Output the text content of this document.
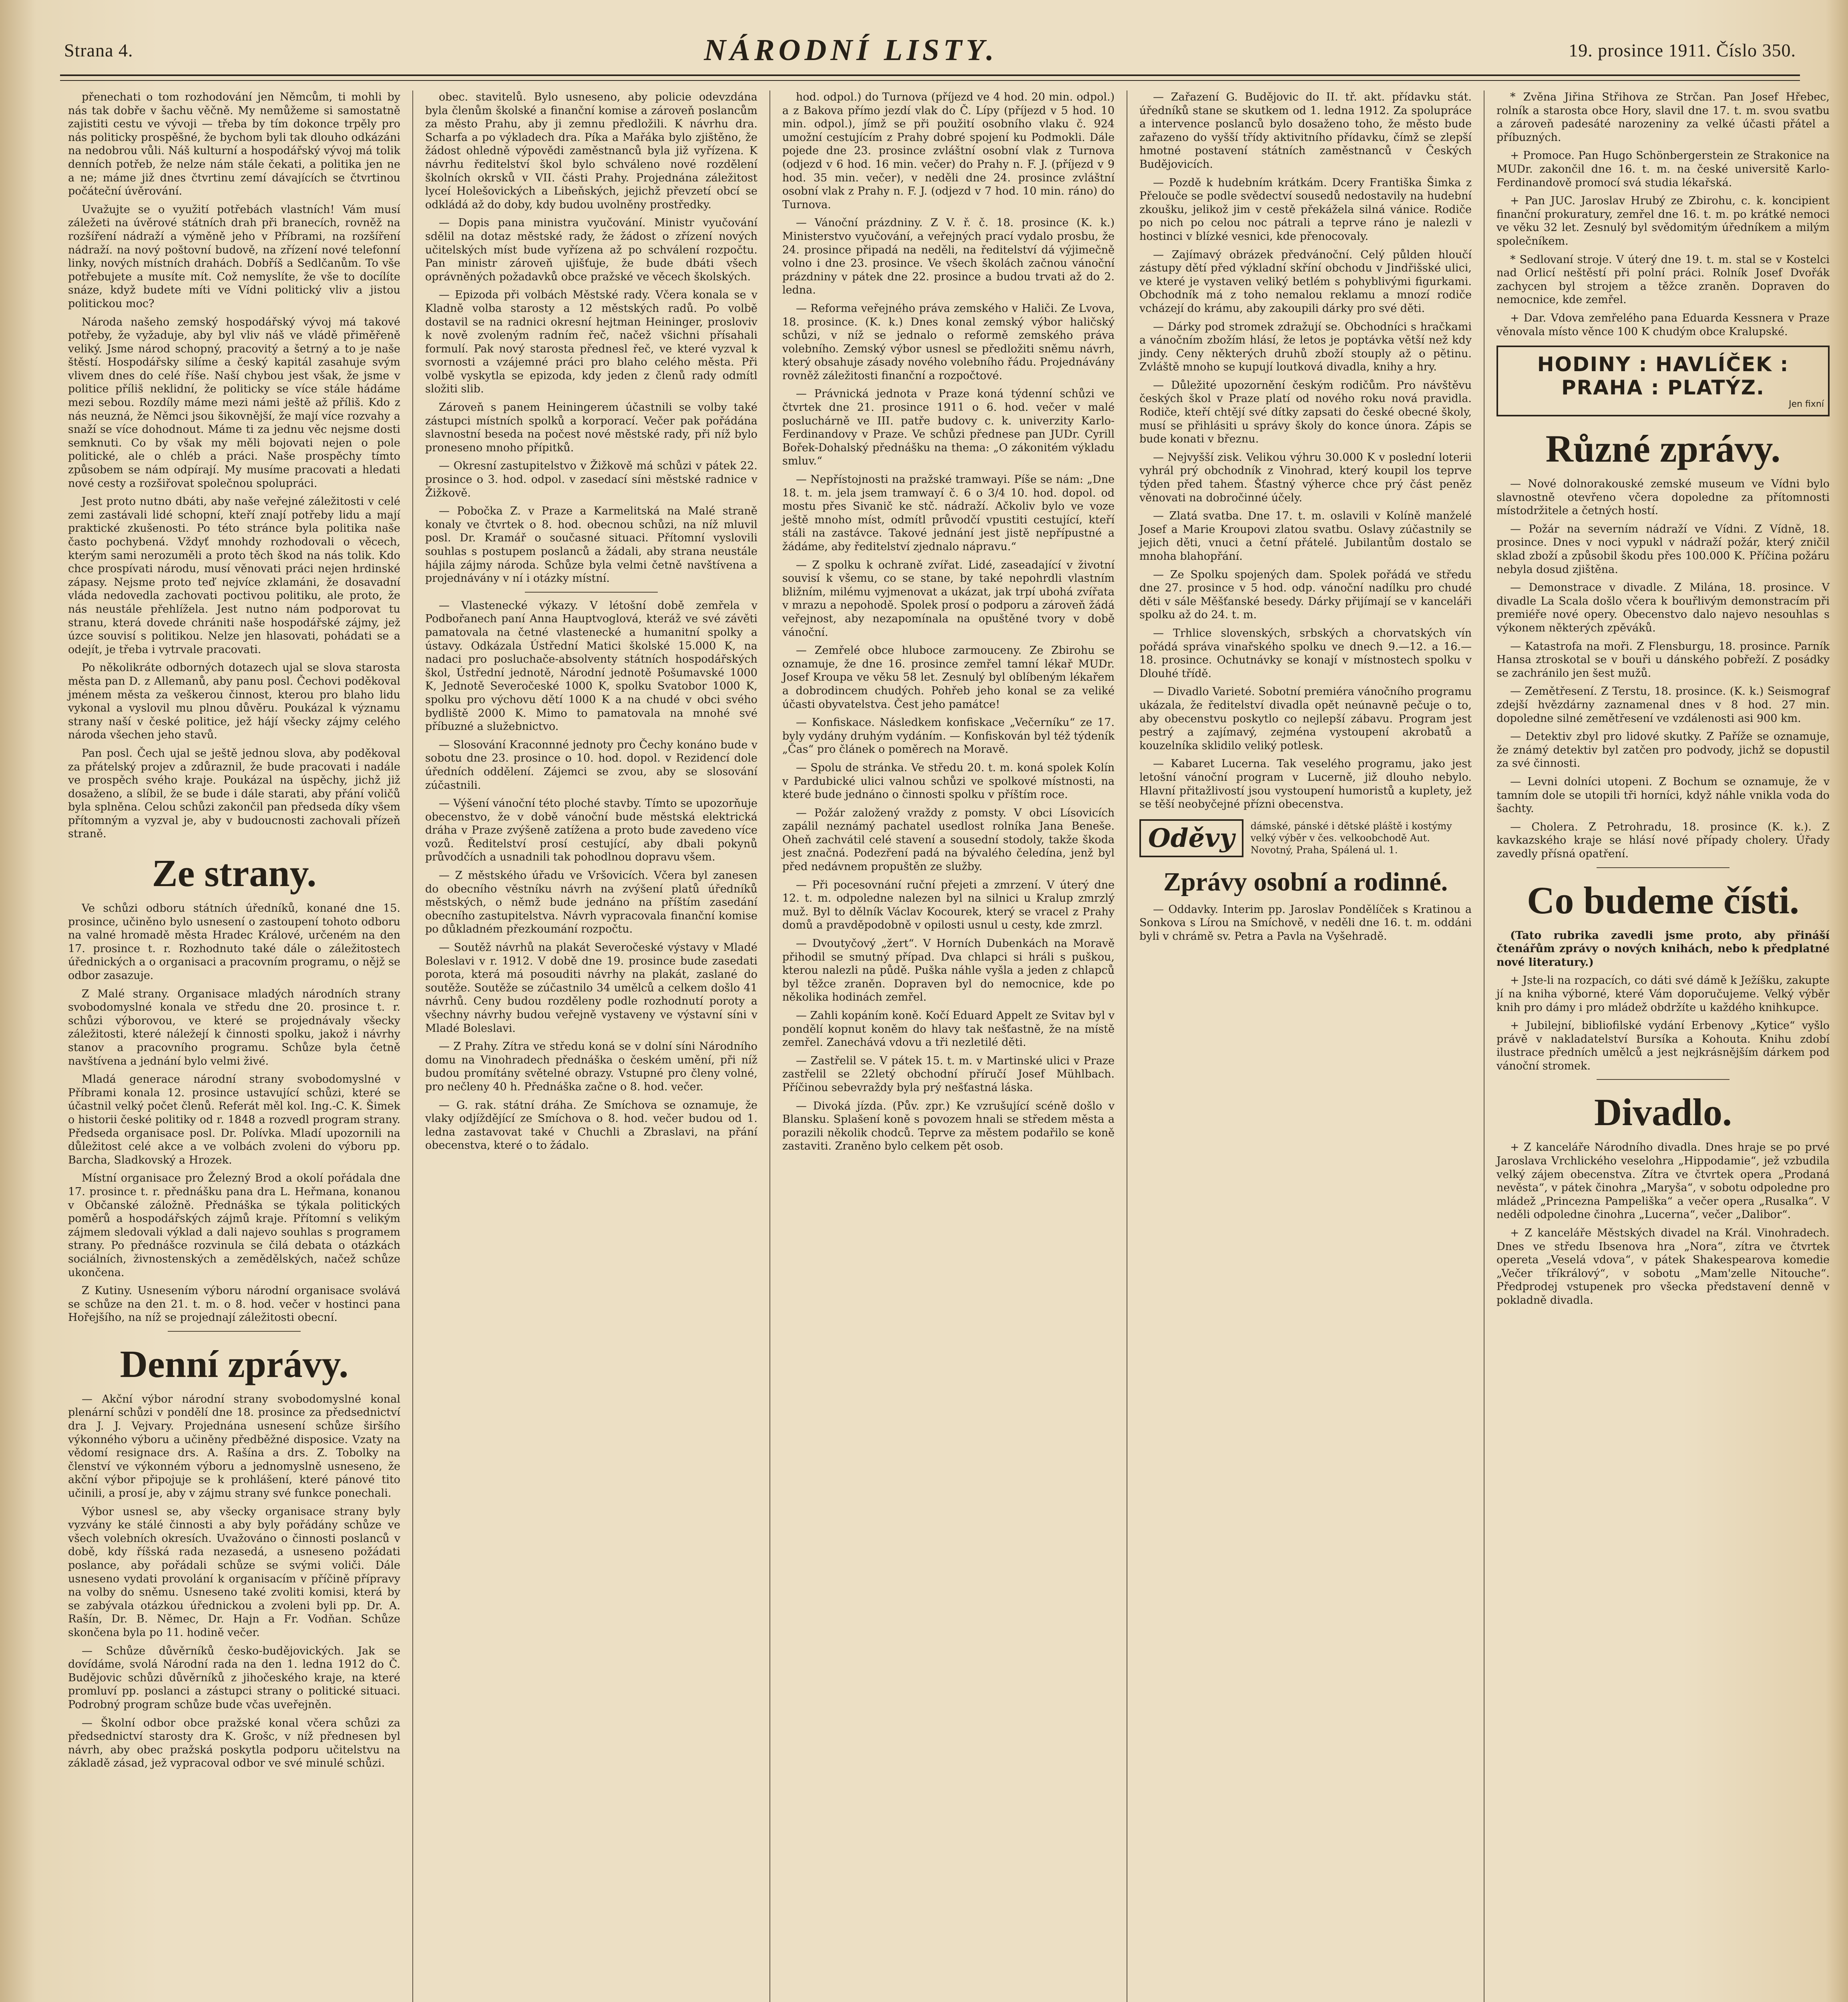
Strana 4.	NÁRODNÍ LISTY.	19. prosince 1911. Číslo 350.

přenechati o tom rozhodování jen Němcům, ti mohli by nás tak dobře v šachu věčně. My nemůžeme si samostatně zajistiti cestu ve vývoji — třeba by tím dokonce trpěly pro nás politicky prospěšné, že bychom byli tak dlouho odkázáni na nedobrou vůli. Náš kulturní a hospodářský vývoj má tolik denních potřeb, že nelze nám stále čekati, a politika jen ne a ne; máme již dnes čtvrtinu zemí dávajících se čtvrtinou počáteční úvěrování.

Uvažujte se o využití potřebách vlastních! Vám musí záležeti na úvěrové státních drah při branecích, rovněž na rozšíření nádraží a výměně jeho v Příbrami, na rozšíření nádraží. na nový poštovní budově, na zřízení nové telefonní linky, nových místních drahách. Dobříš a Sedlčanům. To vše potřebujete a musíte mít. Což nemyslíte, že vše to docílíte snáze, když budete míti ve Vídni politický vliv a jistou politickou moc?

Národa našeho zemský hospodářský vývoj má takové potřeby, že vyžaduje, aby byl vliv náš ve vládě přiměřeně veliký. Jsme národ schopný, pracovitý a šetrný a to je naše štěstí. Hospodářsky silíme a český kapitál zasahuje svým vlivem dnes do celé říše. Naší chybou jest však, že jsme v politice příliš neklidní, že politicky se více stále hádáme mezi sebou. Rozdíly máme mezi námi ještě až příliš. Kdo z nás neuzná, že Němci jsou šikovnější, že mají více rozvahy a snaží se více dohodnout. Máme ti za jednu věc nejsme dosti semknuti. Co by však my měli bojovati nejen o pole politické, ale o chléb a práci. Naše prospěchy tímto způsobem se nám odpírají. My musíme pracovati a hledati nové cesty a rozšiřovat společnou spolupráci.

Jest proto nutno dbáti, aby naše veřejné záležitosti v celé zemi zastávali lidé schopní, kteří znají potřeby lidu a mají praktické zkušenosti. Po této stránce byla politika naše často pochybená. Vždyť mnohdy rozhodovali o věcech, kterým sami nerozuměli a proto těch škod na nás tolik. Kdo chce prospívati národu, musí věnovati práci nejen hrdinské zápasy. Nejsme proto teď nejvíce zklamáni, že dosavadní vláda nedovedla zachovati poctivou politiku, ale proto, že nás neustále přehlížela. Jest nutno nám podporovat tu stranu, která dovede chrániti naše hospodářské zájmy, jež úzce souvisí s politikou. Nelze jen hlasovati, pohádati se a odejít, je třeba i vytrvale pracovati.

Po několikráte odborných dotazech ujal se slova starosta města pan D. z Allemanů, aby panu posl. Čechovi poděkoval jménem města za veškerou činnost, kterou pro blaho lidu vykonal a vyslovil mu plnou důvěru. Poukázal k významu strany naší v české politice, jež hájí všecky zájmy celého národa všechen jeho stavů.

Pan posl. Čech ujal se ještě jednou slova, aby poděkoval za přátelský projev a zdůraznil, že bude pracovati i nadále ve prospěch svého kraje. Poukázal na úspěchy, jichž již dosaženo, a slíbil, že se bude i dále starati, aby přání voličů byla splněna. Celou schůzi zakončil pan předseda díky všem přítomným a vyzval je, aby v budoucnosti zachovali přízeň straně.

Ze strany.

Ve schůzi odboru státních úředníků, konané dne 15. prosince, učiněno bylo usnesení o zastoupení tohoto odboru na valné hromadě města Hradec Králové, určeném na den 17. prosince t. r. Rozhodnuto také dále o záležitostech úřednických a o organisaci a pracovním programu, o nějž se odbor zasazuje.

Z Malé strany. Organisace mladých národních strany svobodomyslné konala ve středu dne 20. prosince t. r. schůzi výborovou, ve které se projednávaly všecky záležitosti, které náležejí k činnosti spolku, jakož i návrhy stanov a pracovního programu. Schůze byla četně navštívena a jednání bylo velmi živé.

Mladá generace národní strany svobodomyslné v Příbrami konala 12. prosince ustavující schůzi, které se účastnil velký počet členů. Referát měl kol. Ing.-C. K. Šimek o historii české politiky od r. 1848 a rozvedl program strany. Předseda organisace posl. Dr. Polívka. Mladí upozornili na důležitost celé akce a ve volbách zvoleni do výboru pp. Barcha, Sladkovský a Hrozek.

Místní organisace pro Železný Brod a okolí pořádala dne 17. prosince t. r. přednášku pana dra L. Heřmana, konanou v Občanské záložně. Přednáška se týkala politických poměrů a hospodářských zájmů kraje. Přítomní s velikým zájmem sledovali výklad a dali najevo souhlas s programem strany. Po přednášce rozvinula se čilá debata o otázkách sociálních, živnostenských a zemědělských, načež schůze ukončena.

Z Kutiny. Usnesením výboru národní organisace svolává se schůze na den 21. t. m. o 8. hod. večer v hostinci pana Hořejšího, na níž se projednají záležitosti obecní.

Denní zprávy.

— Akční výbor národní strany svobodomyslné konal plenární schůzi v pondělí dne 18. prosince za předsednictví dra J. J. Vejvary. Projednána usnesení schůze širšího výkonného výboru a učiněny předběžné disposice. Vzaty na vědomí resignace drs. A. Rašína a drs. Z. Tobolky na členství ve výkonném výboru a jednomyslně usneseno, že akční výbor připojuje se k prohlášení, které pánové tito učinili, a prosí je, aby v zájmu strany své funkce ponechali.

Výbor usnesl se, aby všecky organisace strany byly vyzvány ke stálé činnosti a aby byly pořádány schůze ve všech volebních okresích. Uvažováno o činnosti poslanců v době, kdy říšská rada nezasedá, a usneseno požádati poslance, aby pořádali schůze se svými voliči. Dále usneseno vydati provolání k organisacím v příčině přípravy na volby do sněmu. Usneseno také zvoliti komisi, která by se zabývala otázkou úřednickou a zvoleni byli pp. Dr. A. Rašín, Dr. B. Němec, Dr. Hajn a Fr. Vodňan. Schůze skončena byla po 11. hodině večer.

— Schůze důvěrníků česko-budějovických. Jak se dovídáme, svolá Národní rada na den 1. ledna 1912 do Č. Budějovic schůzi důvěrníků z jihočeského kraje, na které promluví pp. poslanci a zástupci strany o politické situaci. Podrobný program schůze bude včas uveřejněn.

— Školní odbor obce pražské konal včera schůzi za předsednictví starosty dra K. Grošc, v níž přednesen byl návrh, aby obec pražská poskytla podporu učitelstvu na základě zásad, jež vypracoval odbor ve své minulé schůzi.

obec. stavitelů. Bylo usneseno, aby policie odevzdána byla členům školské a finanční komise a zároveň poslancům za město Prahu, aby ji zemnu předložili. K návrhu dra. Scharfa a po výkladech dra. Píka a Mařáka bylo zjištěno, že žádost ohledně výpovědi zaměstnanců byla již vyřízena. K návrhu ředitelství škol bylo schváleno nové rozdělení školních okrsků v VII. části Prahy. Projednána záležitost lyceí Holešovických a Libeňských, jejichž převzetí obcí se odkládá až do doby, kdy budou uvolněny prostředky.

— Dopis pana ministra vyučování. Ministr vyučování sdělil na dotaz městské rady, že žádost o zřízení nových učitelských míst bude vyřízena až po schválení rozpočtu. Pan ministr zároveň ujišťuje, že bude dbáti všech oprávněných požadavků obce pražské ve věcech školských.

— Epizoda při volbách Městské rady. Včera konala se v Kladně volba starosty a 12 městských radů. Po volbě dostavil se na radnici okresní hejtman Heininger, prosloviv k nově zvoleným radním řeč, načež všichni přísahali formulí. Pak nový starosta přednesl řeč, ve které vyzval k svornosti a vzájemné práci pro blaho celého města. Při volbě vyskytla se epizoda, kdy jeden z členů rady odmítl složiti slib.

Zároveň s panem Heiningerem účastnili se volby také zástupci místních spolků a korporací. Večer pak pořádána slavnostní beseda na počest nové městské rady, při níž bylo proneseno mnoho přípitků.

— Okresní zastupitelstvo v Žižkově má schůzi v pátek 22. prosince o 3. hod. odpol. v zasedací síni městské radnice v Žižkově.

— Pobočka Z. v Praze a Karmelitská na Malé straně konaly ve čtvrtek o 8. hod. obecnou schůzi, na níž mluvil posl. Dr. Kramář o současné situaci. Přítomní vyslovili souhlas s postupem poslanců a žádali, aby strana neustále hájila zájmy národa. Schůze byla velmi četně navštívena a projednávány v ní i otázky místní.

— Vlastenecké výkazy. V létošní době zemřela v Podbořanech paní Anna Hauptvoglová, kteráž ve své závěti pamatovala na četné vlastenecké a humanitní spolky a ústavy. Odkázala Ústřední Matici školské 15.000 K, na nadaci pro posluchače-absolventy státních hospodářských škol, Ústřední jednotě, Národní jednotě Pošumavské 1000 K, Jednotě Severočeské 1000 K, spolku Svatobor 1000 K, spolku pro výchovu dětí 1000 K a na chudé v obci svého bydliště 2000 K. Mimo to pamatovala na mnohé své příbuzné a služebnictvo.

— Slosování Kraconnné jednoty pro Čechy konáno bude v sobotu dne 23. prosince o 10. hod. dopol. v Rezidencí dole úředních oddělení. Zájemci se zvou, aby se slosování zúčastnili.

— Výšení vánoční této ploché stavby. Tímto se upozorňuje obecenstvo, že v době vánoční bude městská elektrická dráha v Praze zvýšeně zatížena a proto bude zavedeno více vozů. Ředitelství prosí cestující, aby dbali pokynů průvodčích a usnadnili tak pohodlnou dopravu všem.

— Z městského úřadu ve Vršovicích. Včera byl zanesen do obecního věstníku návrh na zvýšení platů úředníků městských, o němž bude jednáno na příštím zasedání obecního zastupitelstva. Návrh vypracovala finanční komise po důkladném přezkoumání rozpočtu.

— Soutěž návrhů na plakát Severočeské výstavy v Mladé Boleslavi v r. 1912. V době dne 19. prosince bude zasedati porota, která má posouditi návrhy na plakát, zaslané do soutěže. Soutěže se zúčastnilo 34 umělců a celkem došlo 41 návrhů. Ceny budou rozděleny podle rozhodnutí poroty a všechny návrhy budou veřejně vystaveny ve výstavní síni v Mladé Boleslavi.

— Z Prahy. Zítra ve středu koná se v dolní síni Národního domu na Vinohradech přednáška o českém umění, při níž budou promítány světelné obrazy. Vstupné pro členy volné, pro nečleny 40 h. Přednáška začne o 8. hod. večer.

— G. rak. státní dráha. Ze Smíchova se oznamuje, že vlaky odjíždějící ze Smíchova o 8. hod. večer budou od 1. ledna zastavovat také v Chuchli a Zbraslavi, na přání obecenstva, které o to žádalo.

hod. odpol.) do Turnova (příjezd ve 4 hod. 20 min. odpol.) a z Bakova přímo jezdí vlak do Č. Lípy (příjezd v 5 hod. 10 min. odpol.), jímž se při použití osobního vlaku č. 924 umožní cestujícím z Prahy dobré spojení ku Podmokli. Dále pojede dne 23. prosince zvláštní osobní vlak z Turnova (odjezd v 6 hod. 16 min. večer) do Prahy n. F. J. (příjezd v 9 hod. 35 min. večer), v neděli dne 24. prosince zvláštní osobní vlak z Prahy n. F. J. (odjezd v 7 hod. 10 min. ráno) do Turnova.

— Vánoční prázdniny. Z V. ř. č. 18. prosince (K. k.) Ministerstvo vyučování, a veřejných prací vydalo prosbu, že 24. prosince připadá na neděli, na ředitelství dá výjimečně volno i dne 23. prosince. Ve všech školách začnou vánoční prázdniny v pátek dne 22. prosince a budou trvati až do 2. ledna.

— Reforma veřejného práva zemského v Haliči. Ze Lvova, 18. prosince. (K. k.) Dnes konal zemský výbor haličský schůzi, v níž se jednalo o reformě zemského práva volebního. Zemský výbor usnesl se předložiti sněmu návrh, který obsahuje zásady nového volebního řádu. Projednávány rovněž záležitosti finanční a rozpočtové.

— Právnická jednota v Praze koná týdenní schůzi ve čtvrtek dne 21. prosince 1911 o 6. hod. večer v malé posluchárně ve III. patře budovy c. k. univerzity Karlo-Ferdinandovy v Praze. Ve schůzi přednese pan JUDr. Cyrill Bořek-Dohalský přednášku na thema: „O zákonitém výkladu smluv.“

— Nepřístojnosti na pražské tramwayi. Píše se nám: „Dne 18. t. m. jela jsem tramwayí č. 6 o 3/4 10. hod. dopol. od mostu přes Sivanič ke stč. nádraží. Ačkoliv bylo ve voze ještě mnoho míst, odmítl průvodčí vpustiti cestující, kteří stáli na zastávce. Takové jednání jest jistě nepřípustné a žádáme, aby ředitelství zjednalo nápravu.“

— Z spolku k ochraně zvířat. Lidé, zaseadající v životní souvisí k všemu, co se stane, by také nepohrdli vlastním bližním, milému vyjmenovat a ukázat, jak trpí ubohá zvířata v mrazu a nepohodě. Spolek prosí o podporu a zároveň žádá veřejnost, aby nezapomínala na opuštěné tvory v době vánoční.

— Zemřelé obce hluboce zarmouceny. Ze Zbirohu se oznamuje, že dne 16. prosince zemřel tamní lékař MUDr. Josef Kroupa ve věku 58 let. Zesnulý byl oblíbeným lékařem a dobrodincem chudých. Pohřeb jeho konal se za veliké účasti obyvatelstva. Čest jeho památce!

— Konfiskace. Následkem konfiskace „Večerníku“ ze 17. byly vydány druhým vydáním. — Konfiskován byl též týdeník „Čas“ pro článek o poměrech na Moravě.

— Spolu de stránka. Ve středu 20. t. m. koná spolek Kolín v Pardubické ulici valnou schůzi ve spolkové místnosti, na které bude jednáno o činnosti spolku v příštím roce.

— Požár založený vraždy z pomsty. V obci Lísovicích zapálil neznámý pachatel usedlost rolníka Jana Beneše. Oheň zachvátil celé stavení a sousední stodoly, takže škoda jest značná. Podezření padá na bývalého čeledína, jenž byl před nedávnem propuštěn ze služby.

— Při pocesovnání ruční přejeti a zmrzení. V úterý dne 12. t. m. odpoledne nalezen byl na silnici u Kralup zmrzlý muž. Byl to dělník Václav Kocourek, který se vracel z Prahy domů a pravděpodobně v opilosti usnul u cesty, kde zmrzl.

— Dvoutyčový „žert“. V Horních Dubenkách na Moravě přihodil se smutný případ. Dva chlapci si hráli s puškou, kterou nalezli na půdě. Puška náhle vyšla a jeden z chlapců byl těžce zraněn. Dopraven byl do nemocnice, kde po několika hodinách zemřel.

— Zahli kopáním koně. Kočí Eduard Appelt ze Svitav byl v pondělí kopnut koněm do hlavy tak nešťastně, že na místě zemřel. Zanechává vdovu a tři nezletilé děti.

— Zastřelil se. V pátek 15. t. m. v Martinské ulici v Praze zastřelil se 22letý obchodní příručí Josef Mühlbach. Příčinou sebevraždy byla prý nešťastná láska.

— Divoká jízda. (Pův. zpr.) Ke vzrušující scéně došlo v Blansku. Splašení koně s povozem hnali se středem města a porazili několik chodců. Teprve za městem podařilo se koně zastaviti. Zraněno bylo celkem pět osob.

— Zařazení G. Budějovic do II. tř. akt. přídavku stát. úředníků stane se skutkem od 1. ledna 1912. Za spolupráce a intervence poslanců bylo dosaženo toho, že město bude zařazeno do vyšší třídy aktivitního přídavku, čímž se zlepší hmotné postavení státních zaměstnanců v Českých Budějovicích.

— Pozdě k hudebním krátkám. Dcery Františka Šimka z Přelouče se podle svědectví sousedů nedostavily na hudební zkoušku, jelikož jim v cestě překážela silná vánice. Rodiče po nich po celou noc pátrali a teprve ráno je nalezli v hostinci v blízké vesnici, kde přenocovaly.

— Zajímavý obrázek předvánoční. Celý půlden hloučí zástupy dětí před výkladní skříní obchodu v Jindřišské ulici, ve které je vystaven veliký betlém s pohyblivými figurkami. Obchodník má z toho nemalou reklamu a mnozí rodiče vcházejí do krámu, aby zakoupili dárky pro své děti.

— Dárky pod stromek zdražují se. Obchodníci s hračkami a vánočním zbožím hlásí, že letos je poptávka větší než kdy jindy. Ceny některých druhů zboží stouply až o pětinu. Zvláště mnoho se kupují loutková divadla, knihy a hry.

— Důležité upozornění českým rodičům. Pro návštěvu českých škol v Praze platí od nového roku nová pravidla. Rodiče, kteří chtějí své dítky zapsati do české obecné školy, musí se přihlásiti u správy školy do konce února. Zápis se bude konati v březnu.

— Nejvyšší zisk. Velikou výhru 30.000 K v poslední loterii vyhrál prý obchodník z Vinohrad, který koupil los teprve týden před tahem. Šťastný výherce chce prý část peněz věnovati na dobročinné účely.

— Zlatá svatba. Dne 17. t. m. oslavili v Kolíně manželé Josef a Marie Kroupovi zlatou svatbu. Oslavy zúčastnily se jejich děti, vnuci a četní přátelé. Jubilantům dostalo se mnoha blahopřání.

— Ze Spolku spojených dam. Spolek pořádá ve středu dne 27. prosince v 5 hod. odp. vánoční nadílku pro chudé děti v sále Měšťanské besedy. Dárky přijímají se v kanceláři spolku až do 24. t. m.

— Trhlice slovenských, srbských a chorvatských vín pořádá správa vinařského spolku ve dnech 9.—12. a 16.—18. prosince. Ochutnávky se konají v místnostech spolku v Dlouhé třídě.

— Divadlo Varieté. Sobotní premiéra vánočního programu ukázala, že ředitelství divadla opět neúnavně pečuje o to, aby obecenstvu poskytlo co nejlepší zábavu. Program jest pestrý a zajímavý, zejména vystoupení akrobatů a kouzelníka sklidilo veliký potlesk.

— Kabaret Lucerna. Tak veselého programu, jako jest letošní vánoční program v Lucerně, již dlouho nebylo. Hlavní přitažlivostí jsou vystoupení humoristů a kuplety, jež se těší neobyčejné přízni obecenstva.

Oděvy	dámské, pánské i dětské pláště i kostýmy velký výběr v čes. velkoobchodě Aut. Novotný, Praha, Spálená ul. 1.
Zprávy osobní a rodinné.

— Oddavky. Interim pp. Jaroslav Pondělíček s Kratinou a Sonkova s Lírou na Smíchově, v neděli dne 16. t. m. oddáni byli v chrámě sv. Petra a Pavla na Vyšehradě.

* Zvěna Jiřina Střihova ze Strčan. Pan Josef Hřebec, rolník a starosta obce Hory, slavil dne 17. t. m. svou svatbu a zároveň padesáté narozeniny za velké účasti přátel a příbuzných.

+ Promoce. Pan Hugo Schönbergerstein ze Strakonice na MUDr. zakončil dne 16. t. m. na české universitě Karlo-Ferdinandově promocí svá studia lékařská.

+ Pan JUC. Jaroslav Hrubý ze Zbirohu, c. k. koncipient finanční prokuratury, zemřel dne 16. t. m. po krátké nemoci ve věku 32 let. Zesnulý byl svědomitým úředníkem a milým společníkem.

* Sedlovaní stroje. V úterý dne 19. t. m. stal se v Kostelci nad Orlicí neštěstí při polní práci. Rolník Josef Dvořák zachycen byl strojem a těžce zraněn. Dopraven do nemocnice, kde zemřel.

+ Dar. Vdova zemřelého pana Eduarda Kessnera v Praze věnovala místo věnce 100 K chudým obce Kralupské.

HODINY : HAVLÍČEK : PRAHA : PLATÝZ.
Jen fixní
Různé zprávy.

— Nové dolnorakouské zemské museum ve Vídni bylo slavnostně otevřeno včera dopoledne za přítomnosti místodržitele a četných hostí.

— Požár na severním nádraží ve Vídni. Z Vídně, 18. prosince. Dnes v noci vypukl v nádraží požár, který zničil sklad zboží a způsobil škodu přes 100.000 K. Příčina požáru nebyla dosud zjištěna.

— Demonstrace v divadle. Z Milána, 18. prosince. V divadle La Scala došlo včera k bouřlivým demonstracím při premiéře nové opery. Obecenstvo dalo najevo nesouhlas s výkonem některých zpěváků.

— Katastrofa na moři. Z Flensburgu, 18. prosince. Parník Hansa ztroskotal se v bouři u dánského pobřeží. Z posádky se zachránilo jen šest mužů.

— Zemětřesení. Z Terstu, 18. prosince. (K. k.) Seismograf zdejší hvězdárny zaznamenal dnes v 8 hod. 27 min. dopoledne silné zemětřesení ve vzdálenosti asi 900 km.

— Detektiv zbyl pro lidové skutky. Z Paříže se oznamuje, že známý detektiv byl zatčen pro podvody, jichž se dopustil za své činnosti.

— Levni dolníci utopeni. Z Bochum se oznamuje, že v tamním dole se utopili tři horníci, když náhle vnikla voda do šachty.

— Cholera. Z Petrohradu, 18. prosince (K. k.). Z kavkazského kraje se hlásí nové případy cholery. Úřady zavedly přísná opatření.

Co budeme čísti.

(Tato rubrika zavedli jsme proto, aby přináší čtenářům zprávy o nových knihách, nebo k předplatné nové literatury.)

+ Jste-li na rozpacích, co dáti své dámě k Ježíšku, zakupte jí na kniha výborné, které Vám doporučujeme. Velký výběr knih pro dámy i pro mládež obdržíte u každého knihkupce.

+ Jubilejní, bibliofilské vydání Erbenovy „Kytice“ vyšlo právě v nakladatelství Bursíka a Kohouta. Knihu zdobí ilustrace předních umělců a jest nejkrásnějším dárkem pod vánoční stromek.

Divadlo.

+ Z kanceláře Národního divadla. Dnes hraje se po prvé Jaroslava Vrchlického veselohra „Hippodamie“, jež vzbudila velký zájem obecenstva. Zítra ve čtvrtek opera „Prodaná nevěsta“, v pátek činohra „Maryša“, v sobotu odpoledne pro mládež „Princezna Pampeliška“ a večer opera „Rusalka“. V neděli odpoledne činohra „Lucerna“, večer „Dalibor“.

+ Z kanceláře Městských divadel na Král. Vinohradech. Dnes ve středu Ibsenova hra „Nora“, zítra ve čtvrtek opereta „Veselá vdova“, v pátek Shakespearova komedie „Večer tříkrálový“, v sobotu „Mam'zelle Nitouche“. Předprodej vstupenek pro všecka představení denně v pokladně divadla.
